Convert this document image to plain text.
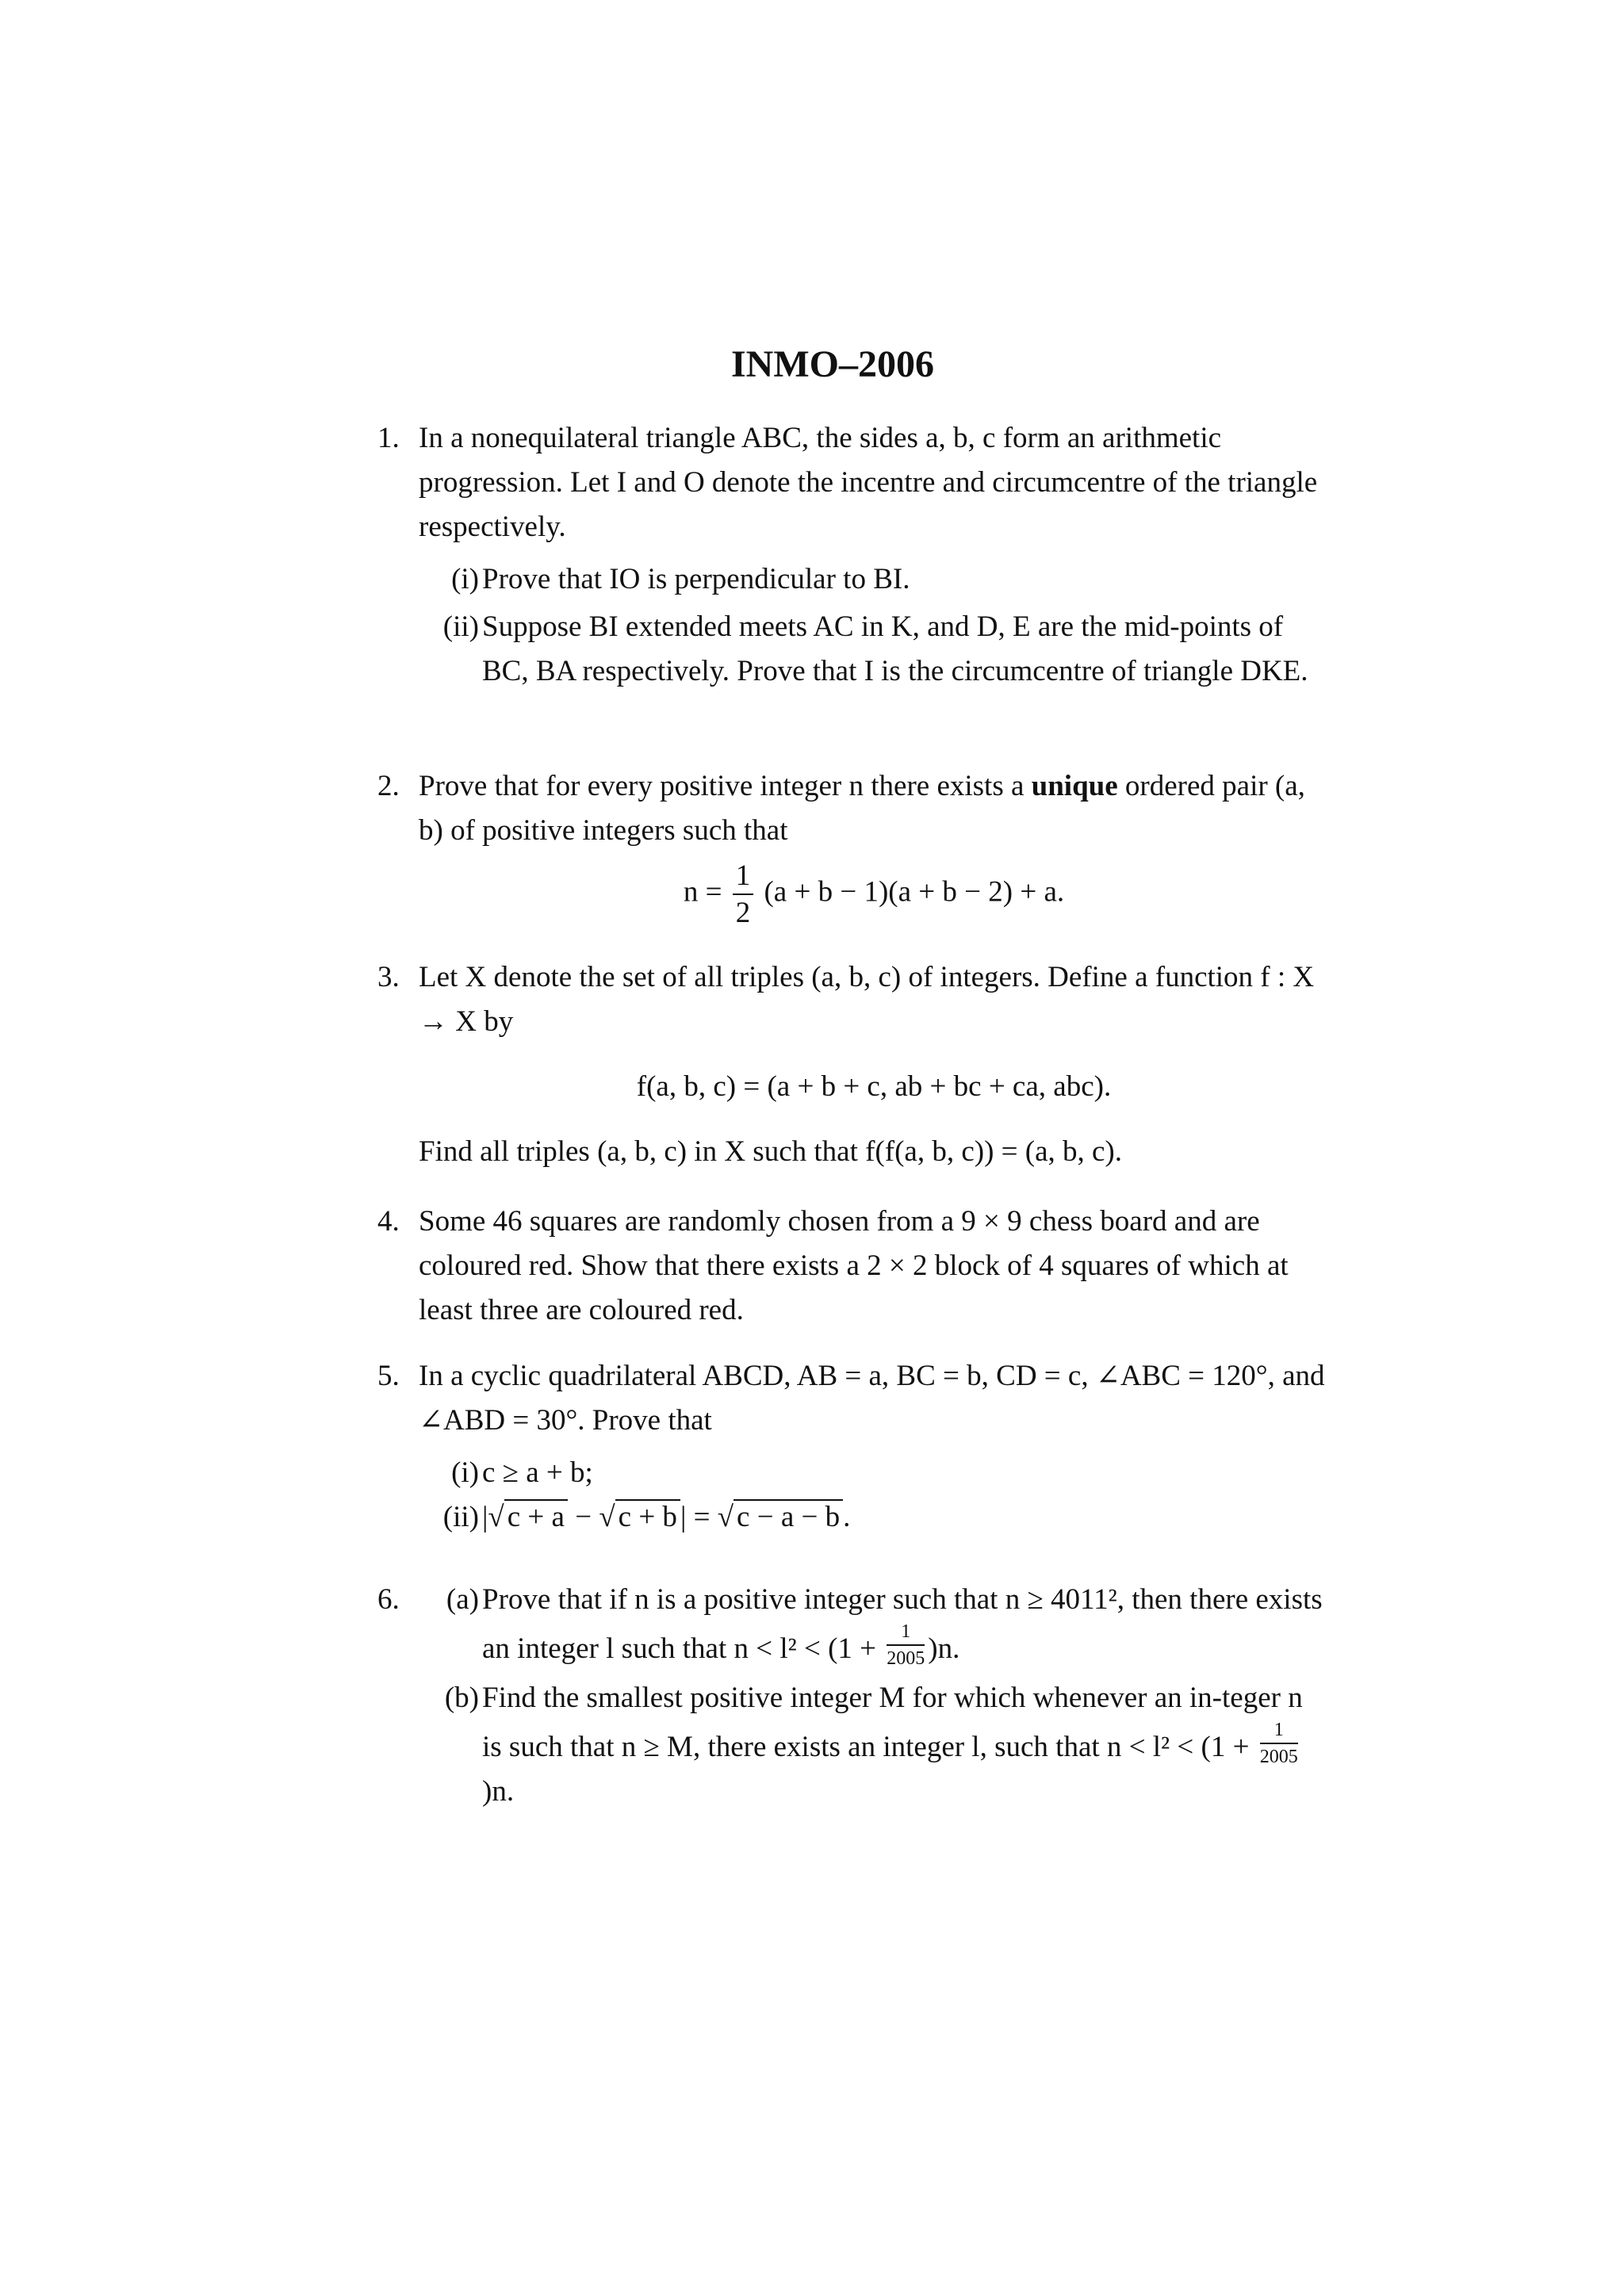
INMO–2006
1. In a nonequilateral triangle ABC, the sides a, b, c form an arithmetic progression. Let I and O denote the incentre and circumcentre of the triangle respectively.
(i) Prove that IO is perpendicular to BI.
(ii) Suppose BI extended meets AC in K, and D, E are the mid-points of BC, BA respectively. Prove that I is the circumcentre of triangle DKE.
2. Prove that for every positive integer n there exists a unique ordered pair (a, b) of positive integers such that
$n = \frac{1}{2} (a + b - 1)(a + b - 2) + a$.
3. Let X denote the set of all triples (a, b, c) of integers. Define a function f : X → X by
f(a, b, c) = (a + b + c, ab + bc + ca, abc).
Find all triples (a, b, c) in X such that f(f(a, b, c)) = (a, b, c).
4. Some 46 squares are randomly chosen from a 9 × 9 chess board and are coloured red. Show that there exists a 2 × 2 block of 4 squares of which at least three are coloured red.
5. In a cyclic quadrilateral ABCD, AB = a, BC = b, CD = c, ∠ABC = 120°, and ∠ABD = 30°. Prove that
(i) c ≥ a + b;
(ii) |√ c + a − √ c + b | = √ c − a − b .
6.	(a) Prove that if n is a positive integer such that n ≥ 4011², then there exists an integer l such that $n < l^2 < (1 + \frac{1}{2005} )n$.
(b) Find the smallest positive integer M for which whenever an in-teger n is such that n ≥ M, there exists an integer l, such that $n < l^2 < (1 + \frac{1}{2005}$
)n.
